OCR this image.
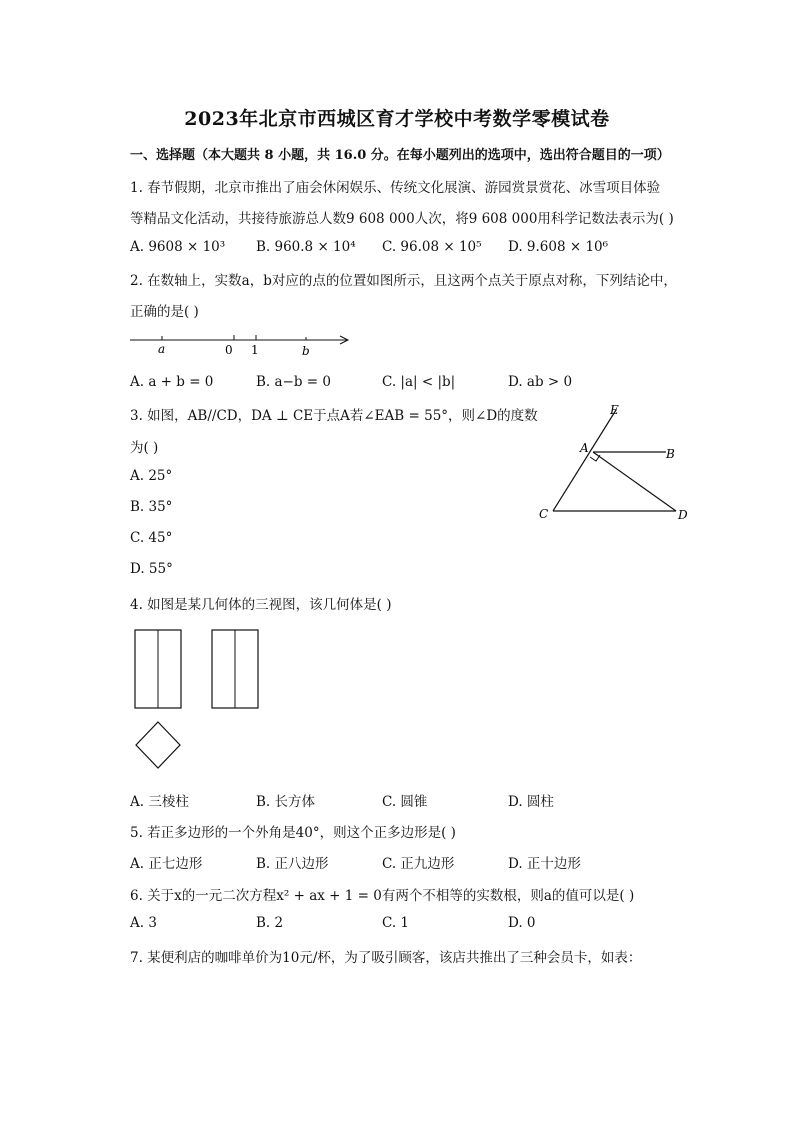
2023年北京市西城区育才学校中考数学零模试卷
一、选择题（本大题共 8 小题，共 16.0 分。在每小题列出的选项中，选出符合题目的一项）
1. 春节假期，北京市推出了庙会休闲娱乐、传统文化展演、游园赏景赏花、冰雪项目体验
等精品文化活动，共接待旅游总人数9 608 000人次，将9 608 000用科学记数法表示为( )
A. 9608 × 10³ B. 960.8 × 10⁴ C. 96.08 × 10⁵ D. 9.608 × 10⁶
2. 在数轴上，实数a，b对应的点的位置如图所示，且这两个点关于原点对称，下列结论中，
正确的是( )
a	0 1	b
A. a + b = 0	B. a−b = 0	C. |a| < |b|	D. ab > 0
3. 如图，AB//CD，DA ⊥ CE于点A若∠EAB = 55°，则∠D的度数
为( )
A. 25°
B. 35°
C. 45°
D. 55°
E
A	B
C	D
4. 如图是某几何体的三视图，该几何体是( )
A. 三棱柱	B. 长方体	C. 圆锥	D. 圆柱
5. 若正多边形的一个外角是40°，则这个正多边形是( )
A. 正七边形	B. 正八边形	C. 正九边形	D. 正十边形
6. 关于x的一元二次方程x² + ax + 1 = 0有两个不相等的实数根，则a的值可以是( )
A. 3	B. 2	C. 1	D. 0
7. 某便利店的咖啡单价为10元/杯，为了吸引顾客，该店共推出了三种会员卡，如表：
